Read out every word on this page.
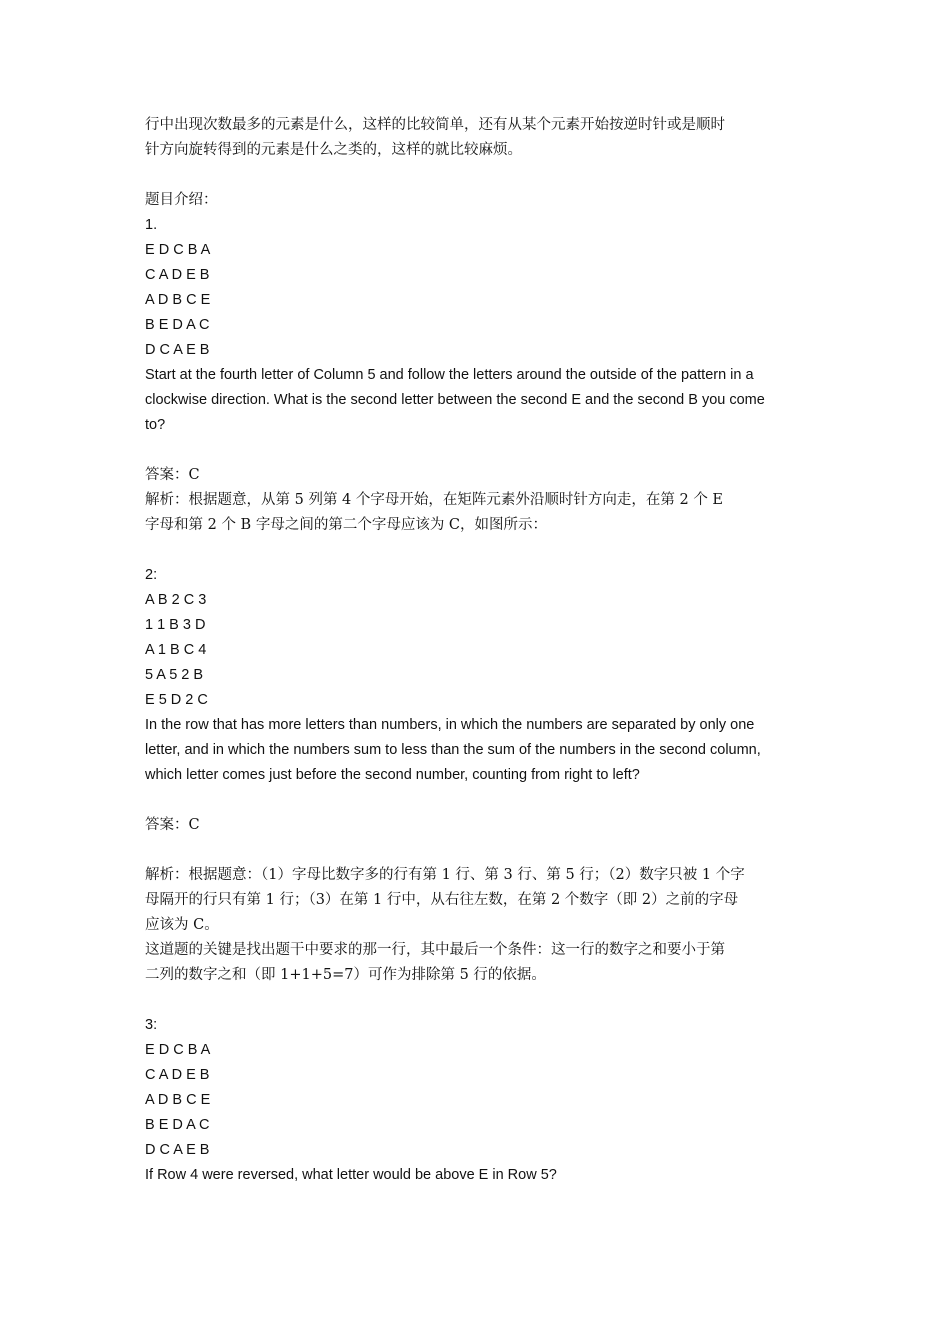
行中出现次数最多的元素是什么，这样的比较简单，还有从某个元素开始按逆时针或是顺时
针方向旋转得到的元素是什么之类的，这样的就比较麻烦。
题目介绍：
1.
E D C B A
C A D E B
A D B C E
B E D A C
D C A E B
Start at the fourth letter of Column 5 and follow the letters around the outside of the pattern in a
clockwise direction. What is the second letter between the second E and the second B you come
to?
答案：C
解析：根据题意，从第 5 列第 4 个字母开始，在矩阵元素外沿顺时针方向走，在第 2 个 E
字母和第 2 个 B 字母之间的第二个字母应该为 C，如图所示：
2:
A B 2 C 3
1 1 B 3 D
A 1 B C 4
5 A 5 2 B
E 5 D 2 C
In the row that has more letters than numbers, in which the numbers are separated by only one
letter, and in which the numbers sum to less than the sum of the numbers in the second column,
which letter comes just before the second number, counting from right to left?
答案：C
解析：根据题意：（1）字母比数字多的行有第 1 行、第 3 行、第 5 行；（2）数字只被 1 个字
母隔开的行只有第 1 行；（3）在第 1 行中，从右往左数，在第 2 个数字（即 2）之前的字母
应该为 C。
这道题的关键是找出题干中要求的那一行，其中最后一个条件：这一行的数字之和要小于第
二列的数字之和（即 1+1+5=7）可作为排除第 5 行的依据。
3:
E D C B A
C A D E B
A D B C E
B E D A C
D C A E B
If Row 4 were reversed, what letter would be above E in Row 5?
